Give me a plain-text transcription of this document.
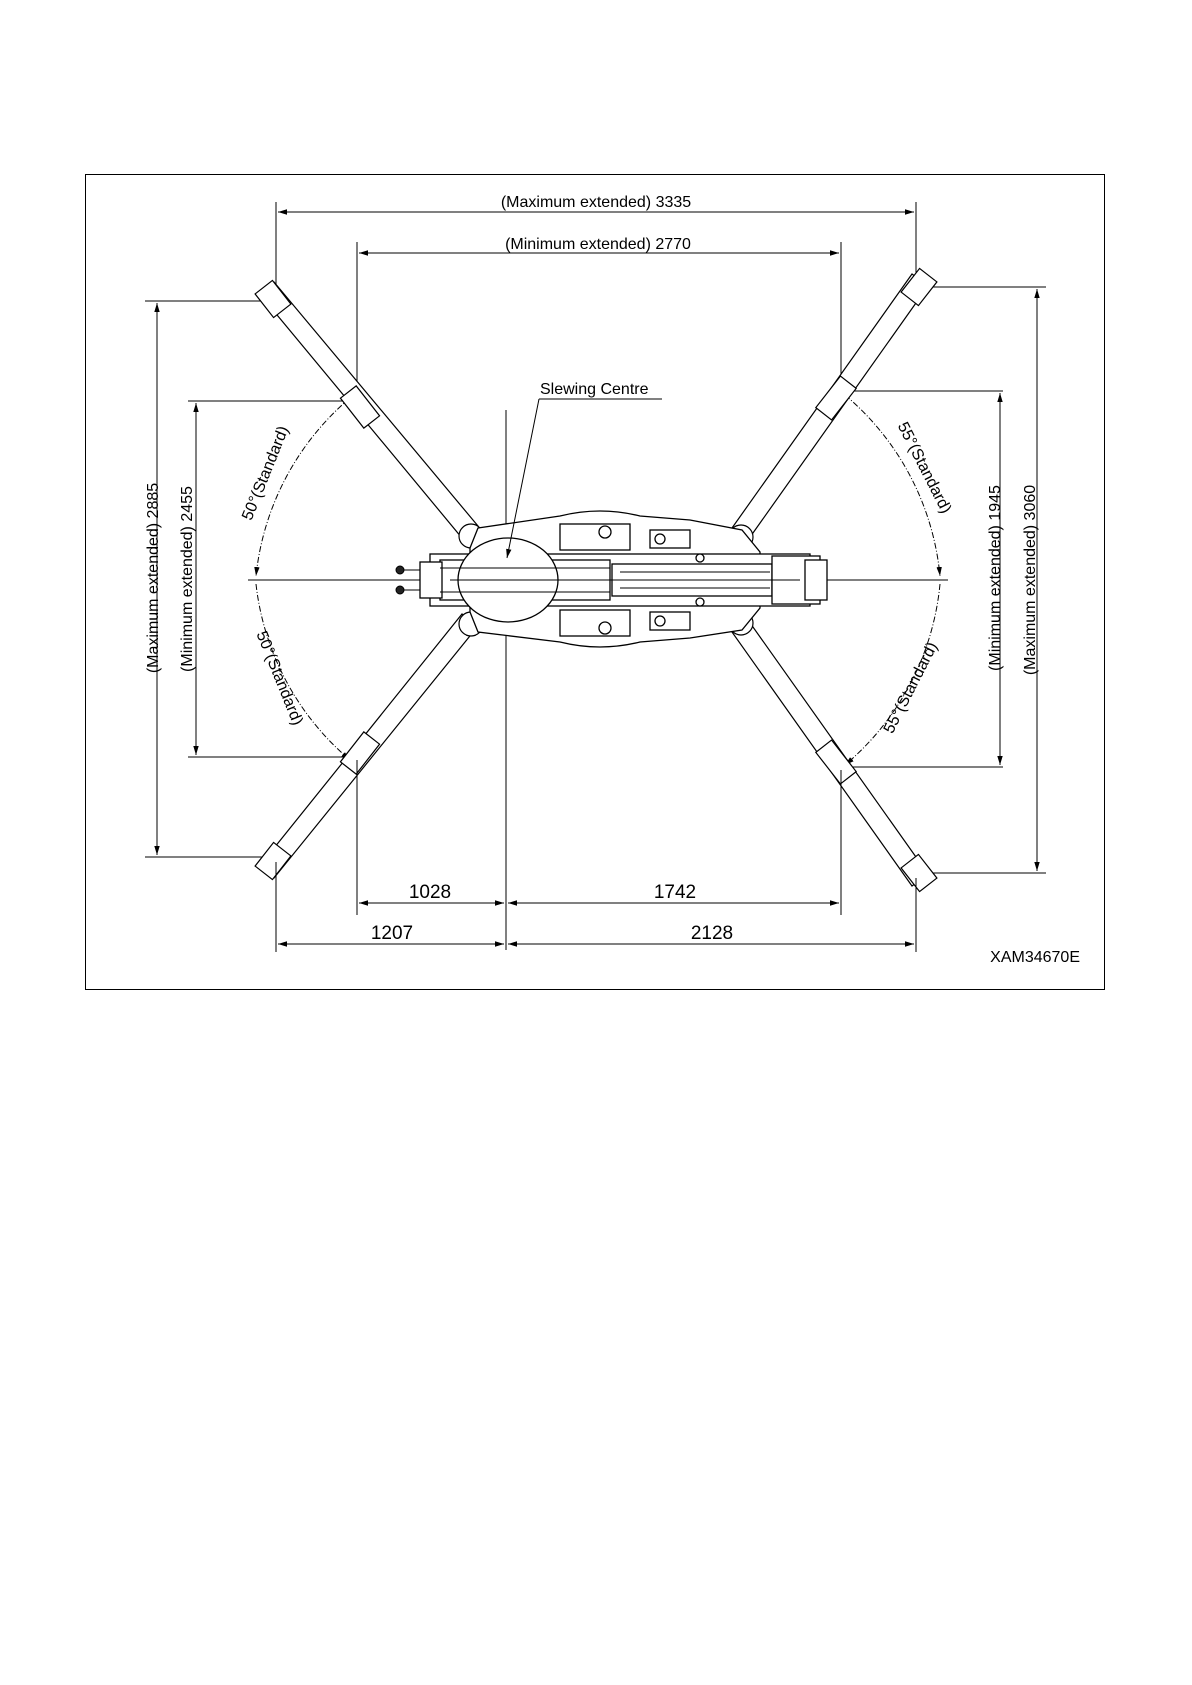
(Maximum extended) 3335
(Minimum extended) 2770
(Maximum extended) 2885 (Minimum extended) 2455	(Minimum extended) 1945 (Maximum extended) 3060
50°(Standard)
50°(Standard)
55°(Standard)
55°(Standard)
Slewing Centre
1028	1742
1207	2128
XAM34670E
